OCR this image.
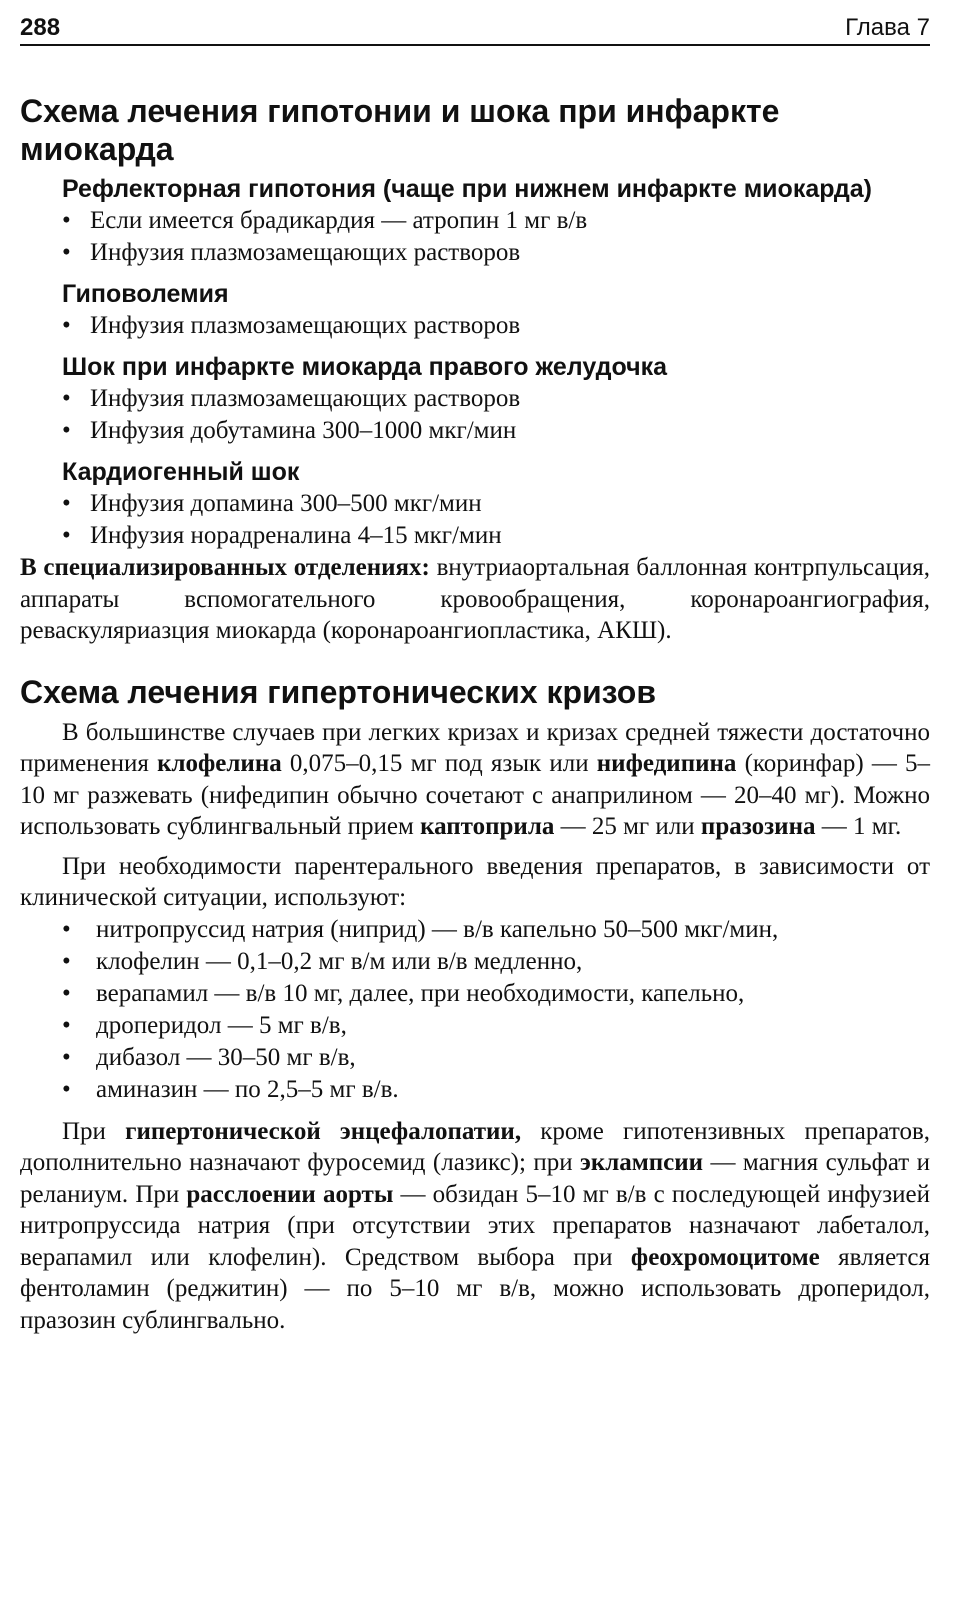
288	Глава 7
Схема лечения гипотонии и шока при инфаркте миокарда
Рефлекторная гипотония (чаще при нижнем инфаркте миокарда)
• Если имеется брадикардия — атропин 1 мг в/в
• Инфузия плазмозамещающих растворов
Гиповолемия
• Инфузия плазмозамещающих растворов
Шок при инфаркте миокарда правого желудочка
• Инфузия плазмозамещающих растворов
• Инфузия добутамина 300–1000 мкг/мин
Кардиогенный шок
• Инфузия допамина 300–500 мкг/мин
• Инфузия норадреналина 4–15 мкг/мин

В специализированных отделениях: внутриаортальная баллонная контрпульсация, аппараты вспомогательного кровообращения, коронароангиография, реваскуляриазция миокарда (коронароангиопластика, АКШ).

Схема лечения гипертонических кризов

В большинстве случаев при легких кризах и кризах средней тяжести достаточно применения клофелина 0,075–0,15 мг под язык или нифедипина (коринфар) — 5–10 мг разжевать (нифедипин обычно сочетают с анаприлином — 20–40 мг). Можно использовать сублингвальный прием каптоприла — 25 мг или празозина — 1 мг.

При необходимости парентерального введения препаратов, в зависимости от клинической ситуации, используют:

• нитропруссид натрия (ниприд) — в/в капельно 50–500 мкг/мин,
• клофелин — 0,1–0,2 мг в/м или в/в медленно,
• верапамил — в/в 10 мг, далее, при необходимости, капельно,
• дроперидол — 5 мг в/в,
• дибазол — 30–50 мг в/в,
• аминазин — по 2,5–5 мг в/в.

При гипертонической энцефалопатии, кроме гипотензивных препаратов, дополнительно назначают фуросемид (лазикс); при эклампсии — магния сульфат и реланиум. При расслоении аорты — обзидан 5–10 мг в/в с последующей инфузией нитропруссида натрия (при отсутствии этих препаратов назначают лабеталол, верапамил или клофелин). Средством выбора при феохромоцитоме является фентоламин (реджитин) — по 5–10 мг в/в, можно использовать дроперидол, празозин сублингвально.
